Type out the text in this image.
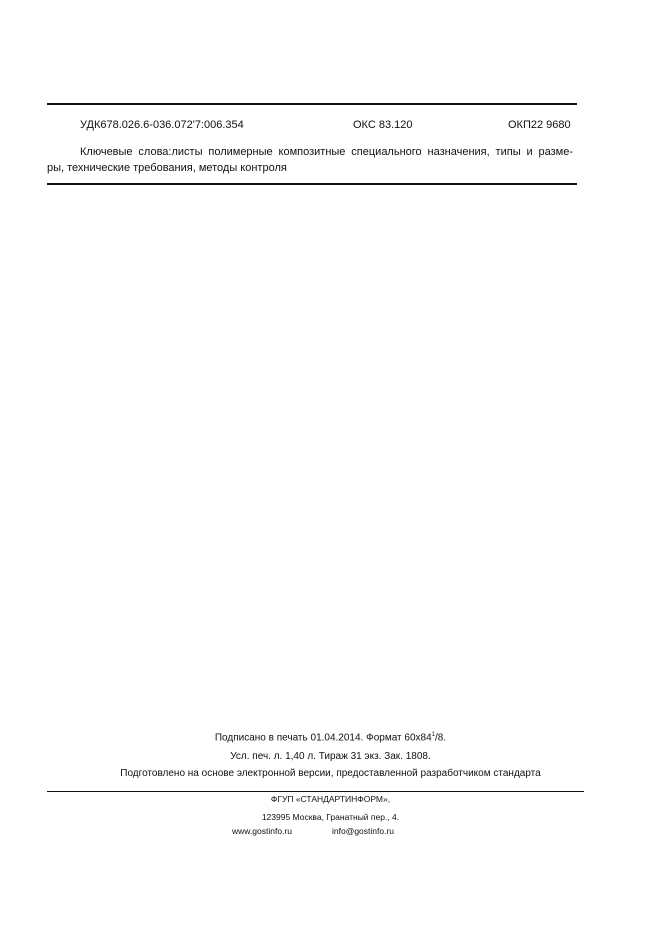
УДК678.026.6-036.072'7:006.354	ОКС 83.120	ОКП22 9680

Ключевые слова:листы полимерные композитные специального назначения, типы и разме-

ры, технические требования, методы контроля

Подписано в печать 01.04.2014. Формат $60x84^1/8$.
Усл. печ. л. 1,40 л. Тираж 31 экз. Зак. 1808.
Подготовлено на основе электронной версии, предоставленной разработчиком стандарта
ФГУП «СТАНДАРТИНФОРМ»,
123995 Москва, Гранатный пер., 4.
www.gostinfo.ru	info@gostinfo.ru
